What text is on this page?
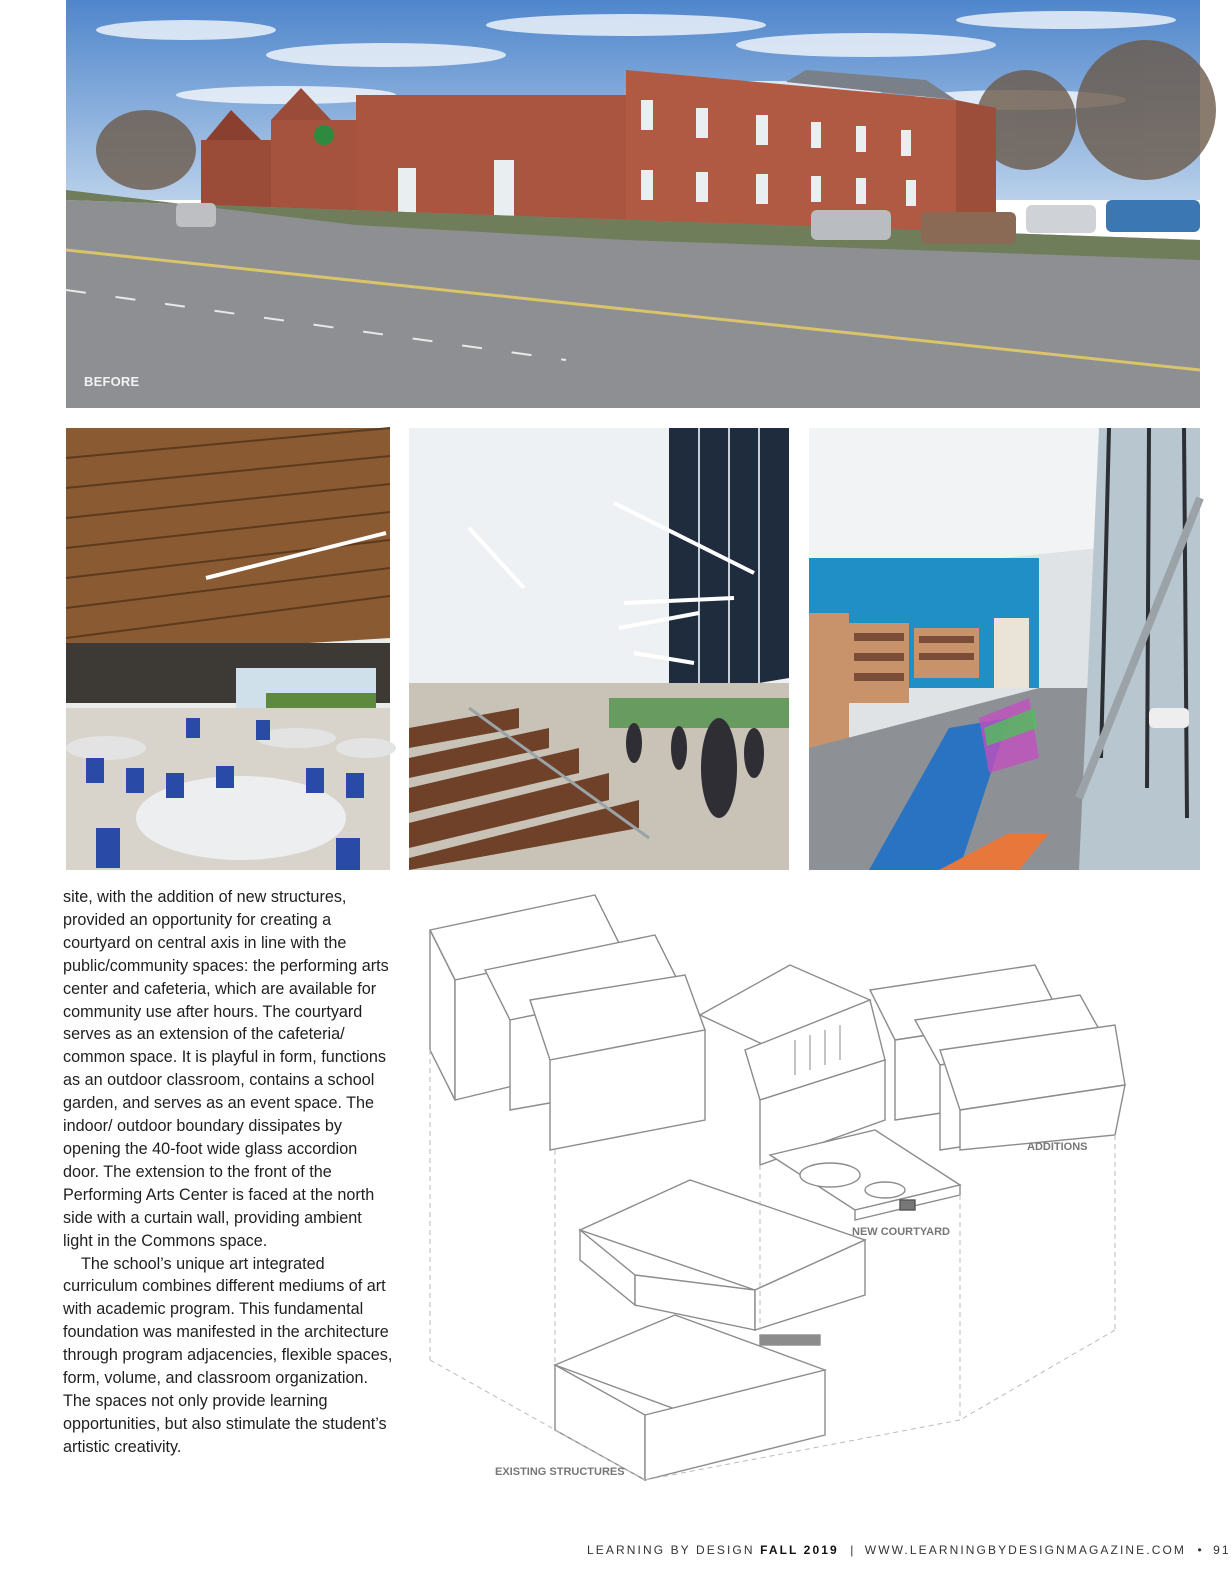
BEFORE

site, with the addition of new structures, provided an opportunity for creating a courtyard on central axis in line with the public/community spaces: the performing arts center and cafeteria, which are available for community use after hours. The courtyard serves as an extension of the cafeteria/ common space. It is playful in form, functions as an outdoor classroom, contains a school garden, and serves as an event space. The indoor/ outdoor boundary dissipates by opening the 40-foot wide glass accordion door. The extension to the front of the Performing Arts Center is faced at the north side with a curtain wall, providing ambient light in the Commons space.

The school’s unique art integrated curriculum combines different mediums of art with academic program. This fundamental foundation was manifested in the architecture through program adjacencies, flexible spaces, form, volume, and classroom organization. The spaces not only provide learning opportunities, but also stimulate the student’s artistic creativity.

ADDITIONS
NEW COURTYARD
EXISTING STRUCTURES
LEARNING BY DESIGN FALL 2019 | WWW.LEARNINGBYDESIGNMAGAZINE.COM • 91
